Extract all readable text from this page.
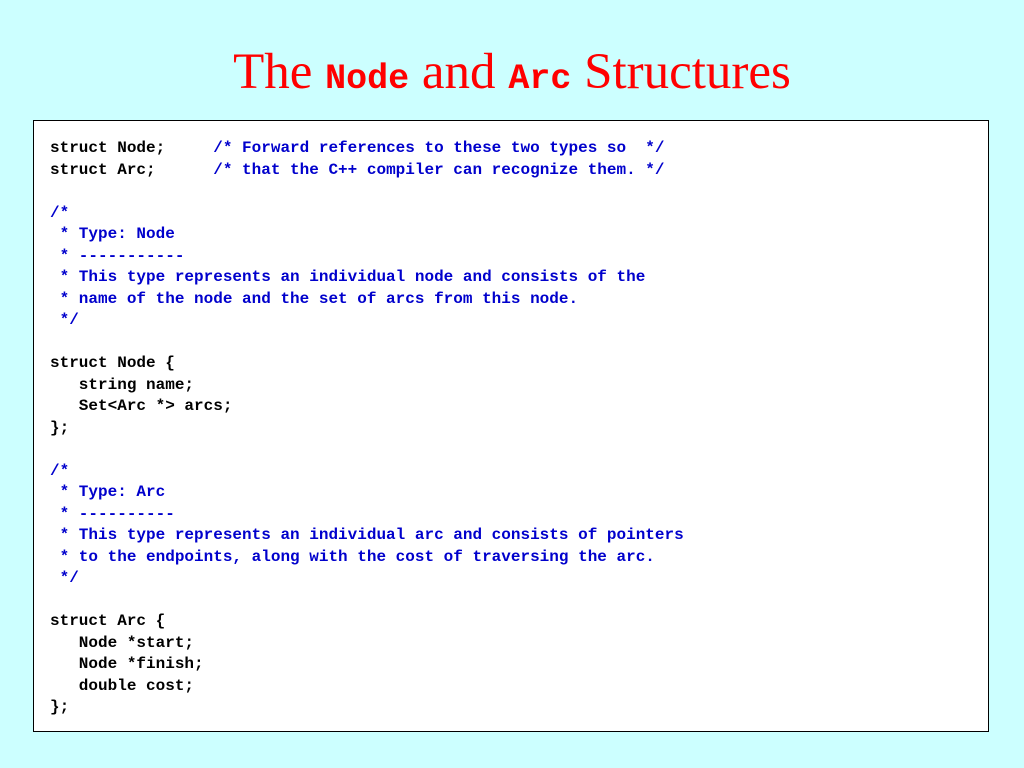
The Node and Arc Structures
struct Node;     /* Forward references to these two types so  */
struct Arc;      /* that the C++ compiler can recognize them. */
/*
* Type: Node
* -----------
* This type represents an individual node and consists of the
* name of the node and the set of arcs from this node.
*/
struct Node {
string name;
Set<Arc *> arcs;
};
/*
* Type: Arc
* ----------
* This type represents an individual arc and consists of pointers
* to the endpoints, along with the cost of traversing the arc.
*/
struct Arc {
Node *start;
Node *finish;
double cost;
};
